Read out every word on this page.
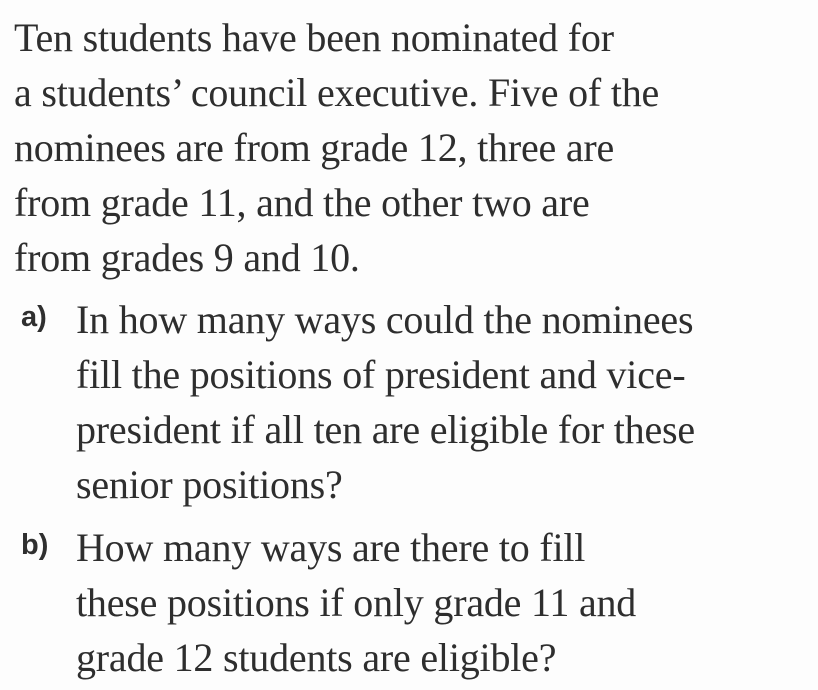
Ten students have been nominated for
a students’ council executive. Five of the
nominees are from grade 12, three are
from grade 11, and the other two are
from grades 9 and 10.

a) In how many ways could the nominees
fill the positions of president and vice-
president if all ten are eligible for these
senior positions?

b) How many ways are there to fill
these positions if only grade 11 and
grade 12 students are eligible?
